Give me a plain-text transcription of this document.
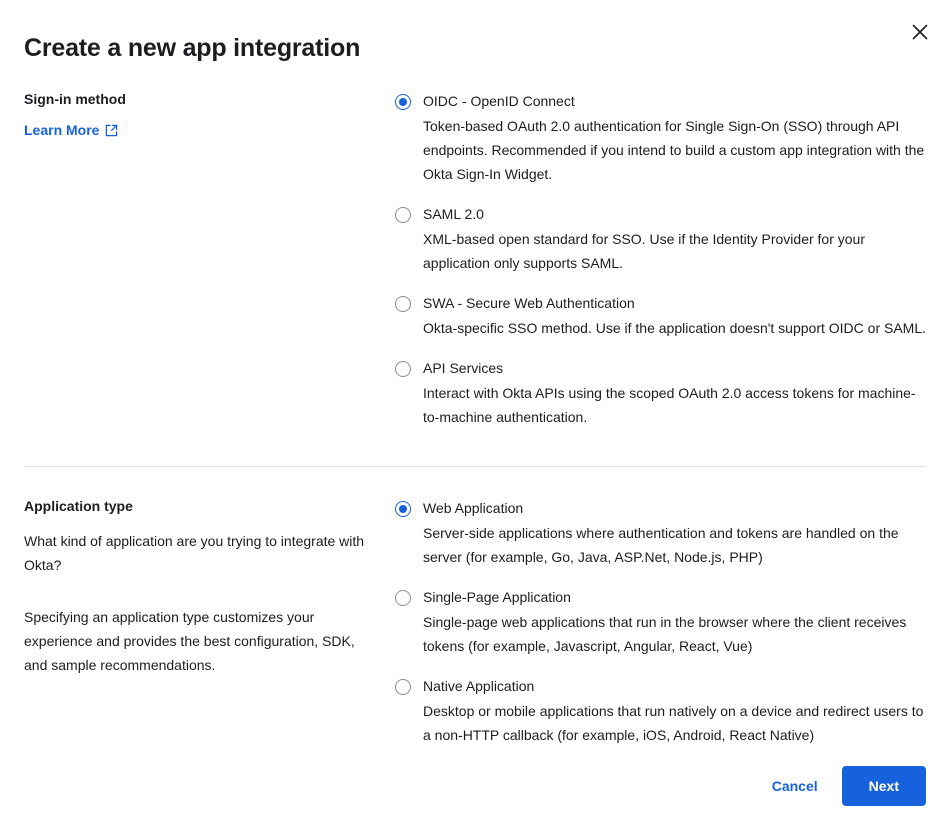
Create a new app integration
Sign-in method
Learn More
OIDC - OpenID Connect
Token-based OAuth 2.0 authentication for Single Sign-On (SSO) through API endpoints. Recommended if you intend to build a custom app integration with the Okta Sign-In Widget.
SAML 2.0
XML-based open standard for SSO. Use if the Identity Provider for your application only supports SAML.
SWA - Secure Web Authentication
Okta-specific SSO method. Use if the application doesn't support OIDC or SAML.
API Services
Interact with Okta APIs using the scoped OAuth 2.0 access tokens for machine-to-machine authentication.
Application type

What kind of application are you trying to integrate with Okta?

Specifying an application type customizes your experience and provides the best configuration, SDK, and sample recommendations.

Web Application
Server-side applications where authentication and tokens are handled on the server (for example, Go, Java, ASP.Net, Node.js, PHP)
Single-Page Application
Single-page web applications that run in the browser where the client receives tokens (for example, Javascript, Angular, React, Vue)
Native Application
Desktop or mobile applications that run natively on a device and redirect users to a non-HTTP callback (for example, iOS, Android, React Native)
Cancel	Next
